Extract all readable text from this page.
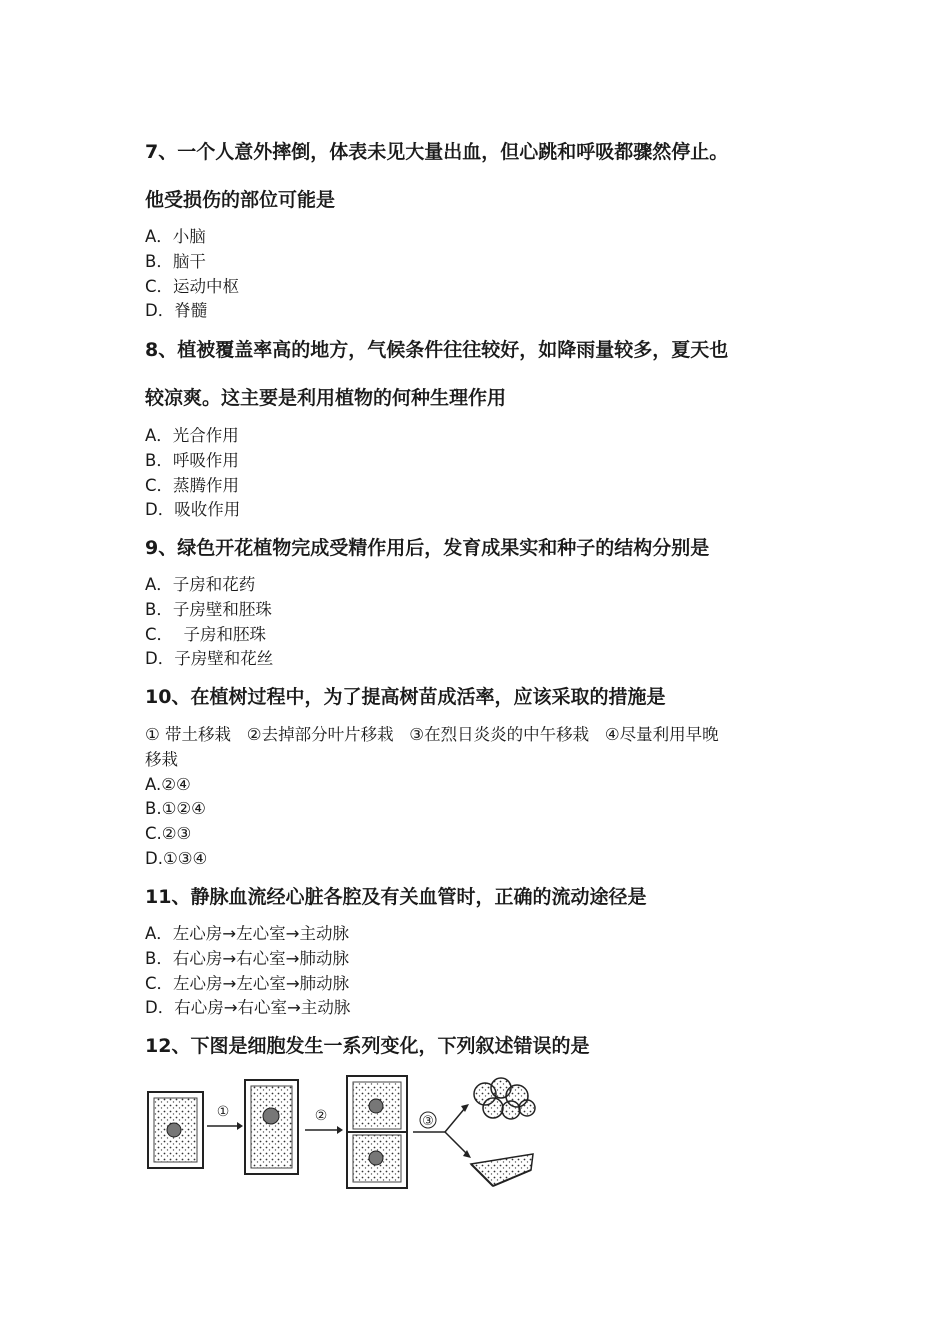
7、一个人意外摔倒，体表未见大量出血，但心跳和呼吸都骤然停止。

他受损伤的部位可能是

A．小脑

B．脑干

C．运动中枢

D．脊髓

8、植被覆盖率高的地方，气候条件往往较好，如降雨量较多，夏天也

较凉爽。这主要是利用植物的何种生理作用

A．光合作用

B．呼吸作用

C．蒸腾作用

D．吸收作用

9、绿色开花植物完成受精作用后，发育成果实和种子的结构分别是

A．子房和花药

B．子房壁和胚珠

C．  子房和胚珠

D．子房壁和花丝

10、在植树过程中，为了提高树苗成活率，应该采取的措施是

① 带土移栽   ②去掉部分叶片移栽   ③在烈日炎炎的中午移栽   ④尽量利用早晚

移栽

A.②④

B.①②④

C.②③

D.①③④

11、静脉血流经心脏各腔及有关血管时，正确的流动途径是

A．左心房→左心室→主动脉

B．右心房→右心室→肺动脉

C．左心房→左心室→肺动脉

D．右心房→右心室→主动脉

12、下图是细胞发生一系列变化，下列叙述错误的是

①	②	③
